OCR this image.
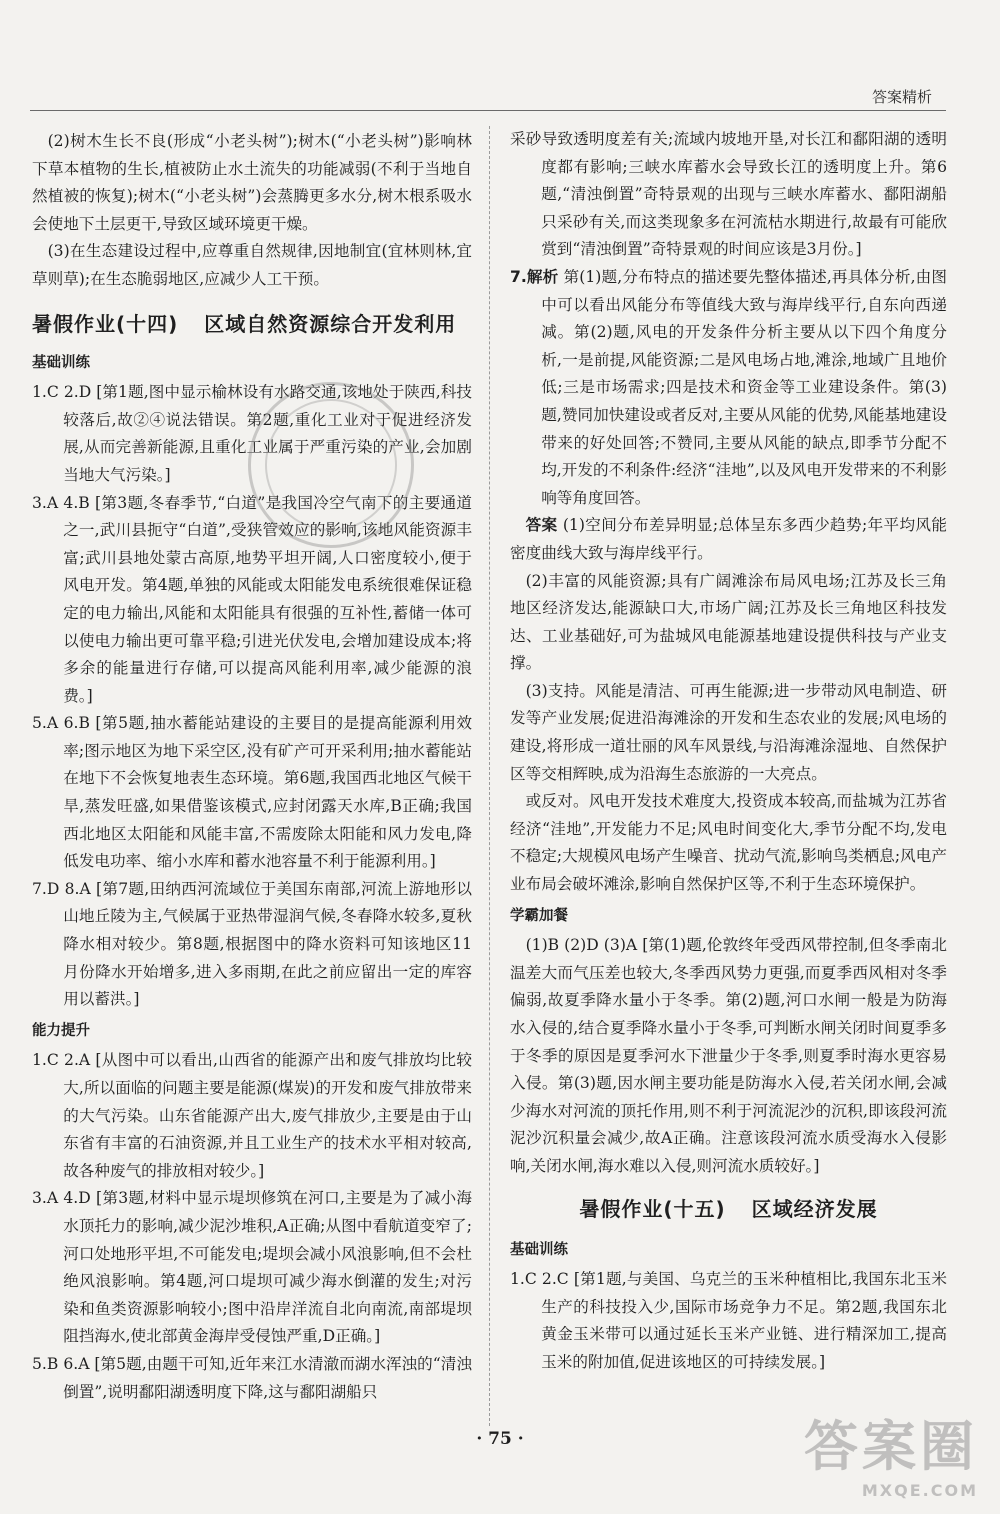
答案精析

(2)树木生长不良(形成“小老头树”);树木(“小老头树”)影响林下草本植物的生长,植被防止水土流失的功能减弱(不利于当地自然植被的恢复);树木(“小老头树”)会蒸腾更多水分,树木根系吸水会使地下土层更干,导致区域环境更干燥。

(3)在生态建设过程中,应尊重自然规律,因地制宜(宜林则林,宜草则草);在生态脆弱地区,应减少人工干预。

暑假作业(十四) 区域自然资源综合开发利用
基础训练

1.C 2.D [第1题,图中显示榆林设有水路交通,该地处于陕西,科技较落后,故②④说法错误。第2题,重化工业对于促进经济发展,从而完善新能源,且重化工业属于严重污染的产业,会加剧当地大气污染。]

3.A 4.B [第3题,冬春季节,“白道”是我国冷空气南下的主要通道之一,武川县扼守“白道”,受狭管效应的影响,该地风能资源丰富;武川县地处蒙古高原,地势平坦开阔,人口密度较小,便于风电开发。第4题,单独的风能或太阳能发电系统很难保证稳定的电力输出,风能和太阳能具有很强的互补性,蓄储一体可以使电力输出更可靠平稳;引进光伏发电,会增加建设成本;将多余的能量进行存储,可以提高风能利用率,减少能源的浪费。]

5.A 6.B [第5题,抽水蓄能站建设的主要目的是提高能源利用效率;图示地区为地下采空区,没有矿产可开采利用;抽水蓄能站在地下不会恢复地表生态环境。第6题,我国西北地区气候干旱,蒸发旺盛,如果借鉴该模式,应封闭露天水库,B正确;我国西北地区太阳能和风能丰富,不需废除太阳能和风力发电,降低发电功率、缩小水库和蓄水池容量不利于能源利用。]

7.D 8.A [第7题,田纳西河流域位于美国东南部,河流上游地形以山地丘陵为主,气候属于亚热带湿润气候,冬春降水较多,夏秋降水相对较少。第8题,根据图中的降水资料可知该地区11月份降水开始增多,进入多雨期,在此之前应留出一定的库容用以蓄洪。]

能力提升

1.C 2.A [从图中可以看出,山西省的能源产出和废气排放均比较大,所以面临的问题主要是能源(煤炭)的开发和废气排放带来的大气污染。山东省能源产出大,废气排放少,主要是由于山东省有丰富的石油资源,并且工业生产的技术水平相对较高,故各种废气的排放相对较少。]

3.A 4.D [第3题,材料中显示堤坝修筑在河口,主要是为了减小海水顶托力的影响,减少泥沙堆积,A正确;从图中看航道变窄了;河口处地形平坦,不可能发电;堤坝会减小风浪影响,但不会杜绝风浪影响。第4题,河口堤坝可减少海水倒灌的发生;对污染和鱼类资源影响较小;图中沿岸洋流自北向南流,南部堤坝阻挡海水,使北部黄金海岸受侵蚀严重,D正确。]

5.B 6.A [第5题,由题干可知,近年来江水清澈而湖水浑浊的“清浊倒置”,说明鄱阳湖透明度下降,这与鄱阳湖船只

采砂导致透明度差有关;流域内坡地开垦,对长江和鄱阳湖的透明度都有影响;三峡水库蓄水会导致长江的透明度上升。第6题,“清浊倒置”奇特景观的出现与三峡水库蓄水、鄱阳湖船只采砂有关,而这类现象多在河流枯水期进行,故最有可能欣赏到“清浊倒置”奇特景观的时间应该是3月份。]

7.解析 第(1)题,分布特点的描述要先整体描述,再具体分析,由图中可以看出风能分布等值线大致与海岸线平行,自东向西递减。第(2)题,风电的开发条件分析主要从以下四个角度分析,一是前提,风能资源;二是风电场占地,滩涂,地域广且地价低;三是市场需求;四是技术和资金等工业建设条件。第(3)题,赞同加快建设或者反对,主要从风能的优势,风能基地建设带来的好处回答;不赞同,主要从风能的缺点,即季节分配不均,开发的不利条件:经济“洼地”,以及风电开发带来的不利影响等角度回答。

答案 (1)空间分布差异明显;总体呈东多西少趋势;年平均风能密度曲线大致与海岸线平行。

(2)丰富的风能资源;具有广阔滩涂布局风电场;江苏及长三角地区经济发达,能源缺口大,市场广阔;江苏及长三角地区科技发达、工业基础好,可为盐城风电能源基地建设提供科技与产业支撑。

(3)支持。风能是清洁、可再生能源;进一步带动风电制造、研发等产业发展;促进沿海滩涂的开发和生态农业的发展;风电场的建设,将形成一道壮丽的风车风景线,与沿海滩涂湿地、自然保护区等交相辉映,成为沿海生态旅游的一大亮点。

或反对。风电开发技术难度大,投资成本较高,而盐城为江苏省经济“洼地”,开发能力不足;风电时间变化大,季节分配不均,发电不稳定;大规模风电场产生噪音、扰动气流,影响鸟类栖息;风电产业布局会破坏滩涂,影响自然保护区等,不利于生态环境保护。

学霸加餐

(1)B (2)D (3)A [第(1)题,伦敦终年受西风带控制,但冬季南北温差大而气压差也较大,冬季西风势力更强,而夏季西风相对冬季偏弱,故夏季降水量小于冬季。第(2)题,河口水闸一般是为防海水入侵的,结合夏季降水量小于冬季,可判断水闸关闭时间夏季多于冬季的原因是夏季河水下泄量少于冬季,则夏季时海水更容易入侵。第(3)题,因水闸主要功能是防海水入侵,若关闭水闸,会减少海水对河流的顶托作用,则不利于河流泥沙的沉积,即该段河流泥沙沉积量会减少,故A正确。注意该段河流水质受海水入侵影响,关闭水闸,海水难以入侵,则河流水质较好。]

暑假作业(十五) 区域经济发展
基础训练

1.C 2.C [第1题,与美国、乌克兰的玉米种植相比,我国东北玉米生产的科技投入少,国际市场竞争力不足。第2题,我国东北黄金玉米带可以通过延长玉米产业链、进行精深加工,提高玉米的附加值,促进该地区的可持续发展。]

· 75 ·	答案圈
MXQE.COM
